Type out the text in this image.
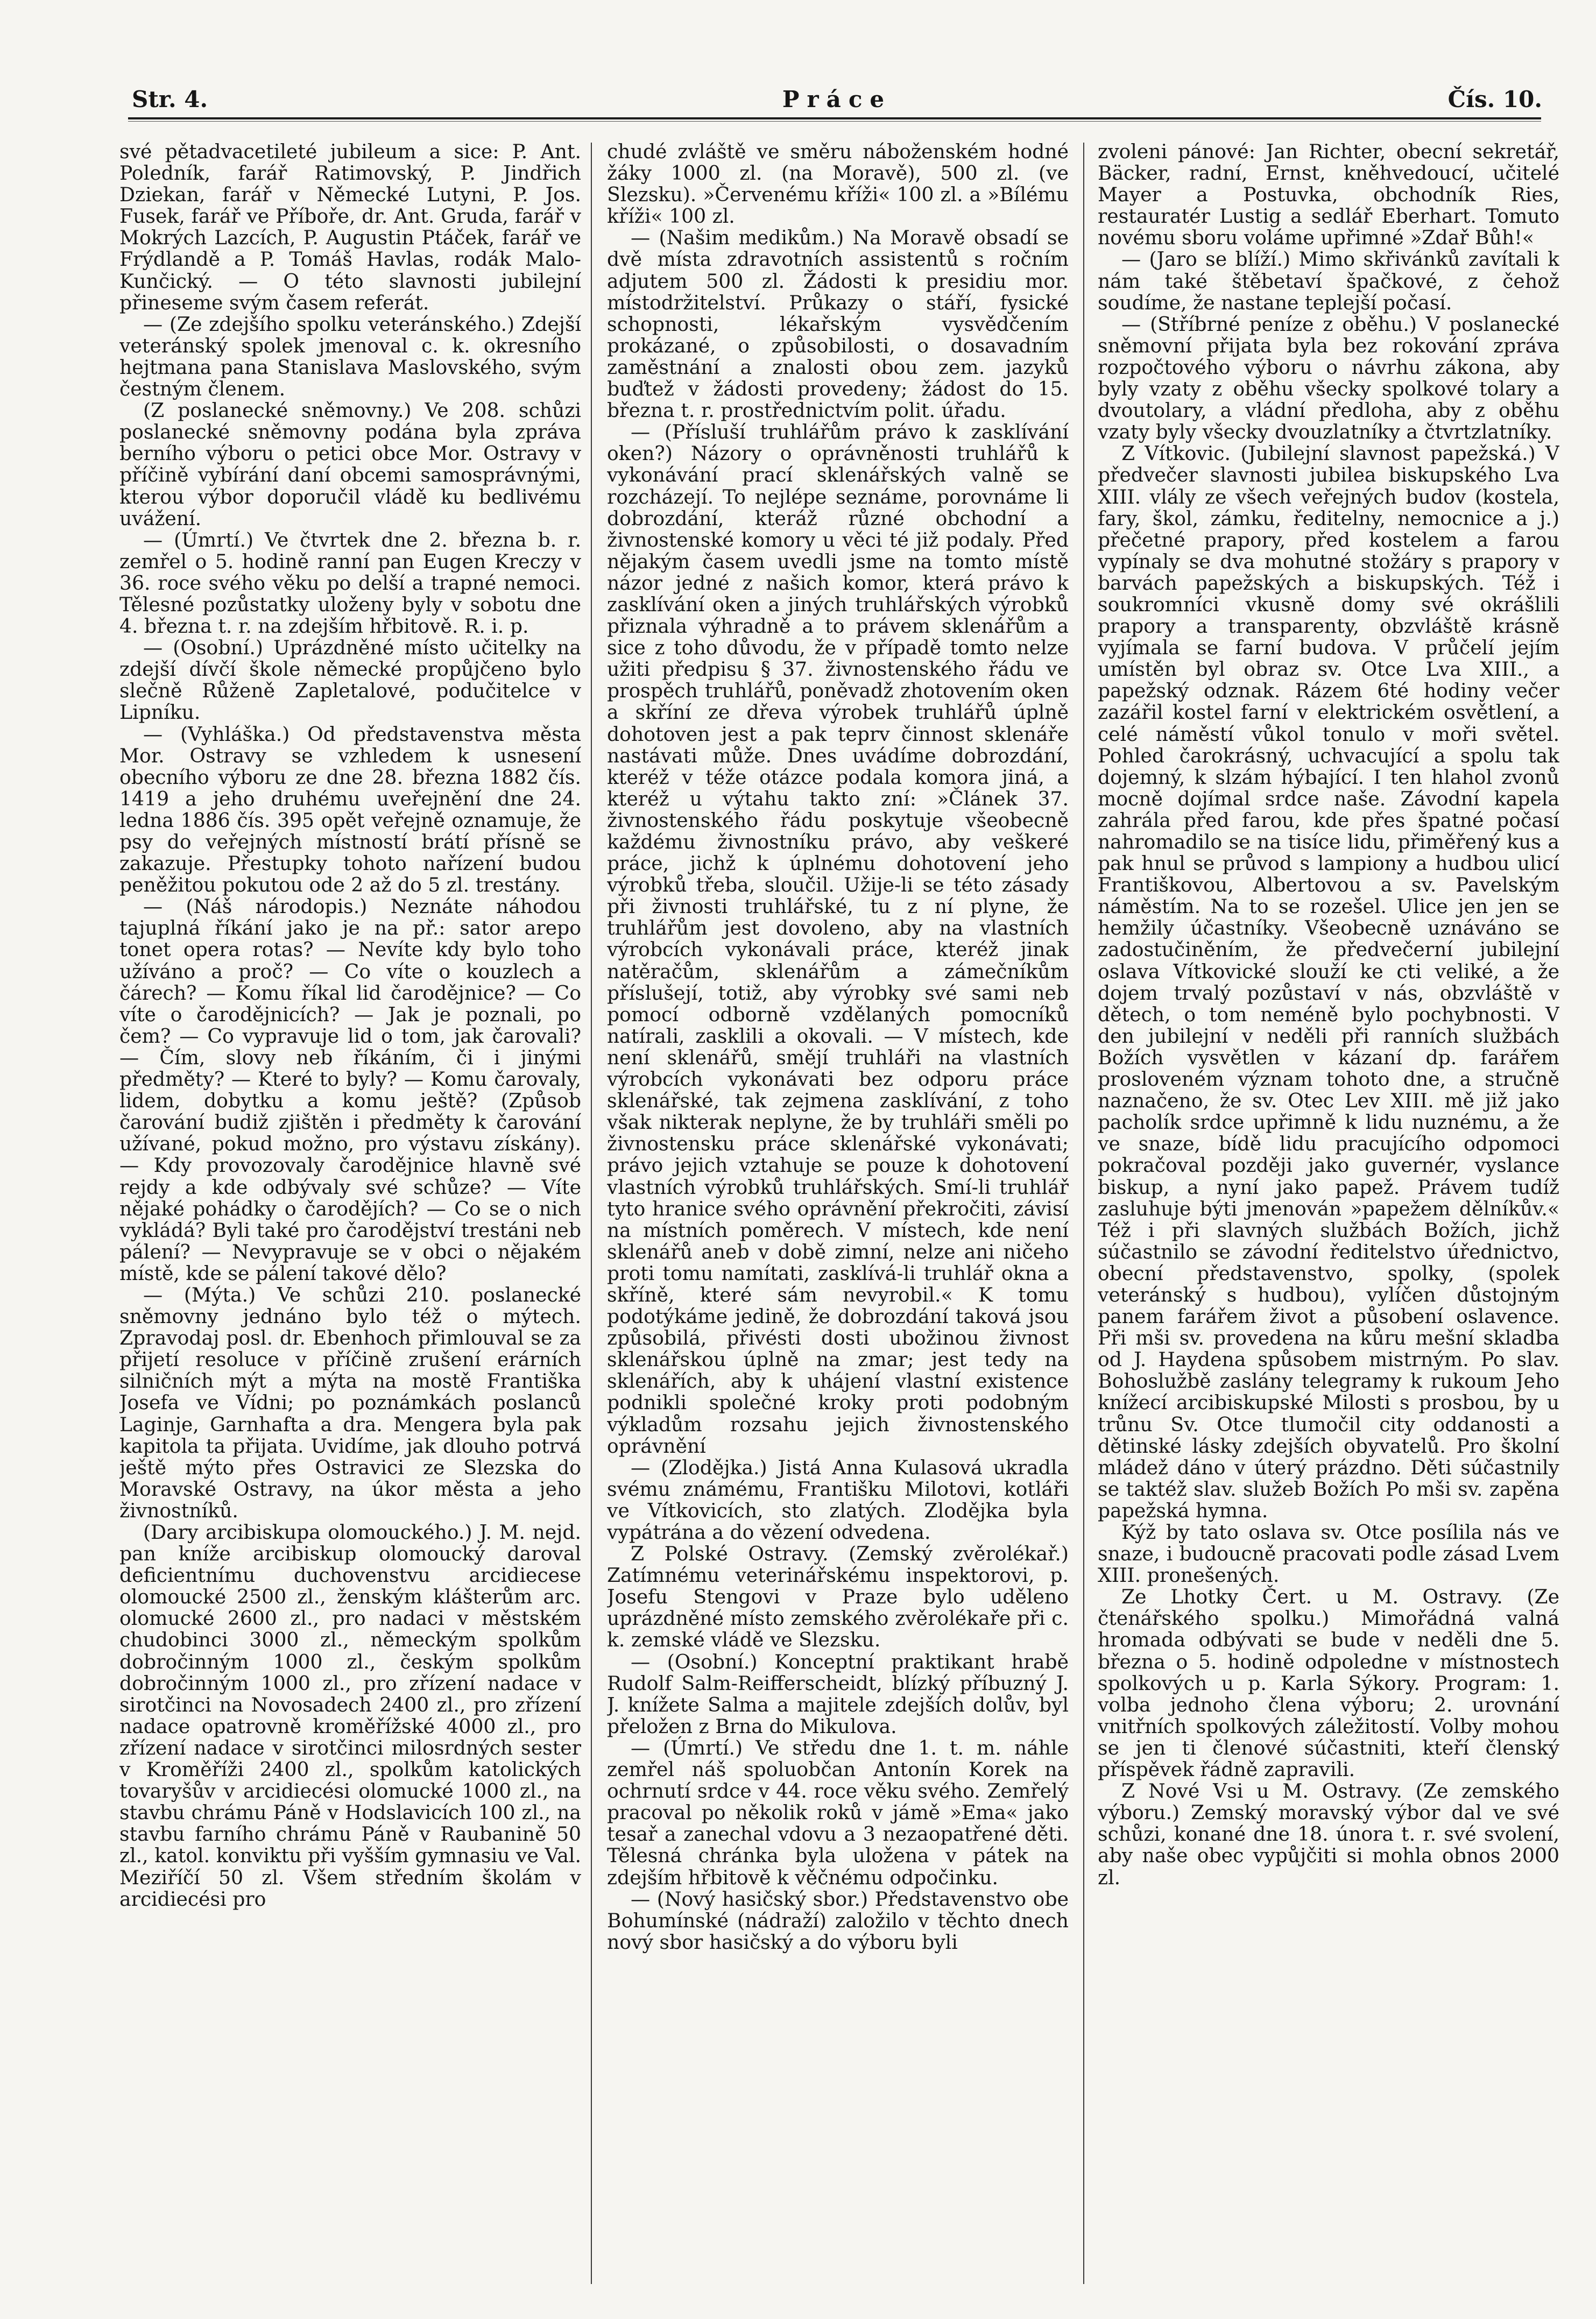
Str. 4.	Práce	Čís. 10.

své pětadvacetileté jubileum a sice: P. Ant. Poledník, farář Ratimovský, P. Jindřich Dziekan, farář v Německé Lutyni, P. Jos. Fusek, farář ve Příboře, dr. Ant. Gruda, farář v Mokrých Lazcích, P. Augustin Ptáček, farář ve Frýdlandě a P. Tomáš Havlas, rodák Malo-Kunčický. — O této slavnosti jubilejní přineseme svým časem referát.

— (Ze zdejšího spolku veteránského.) Zdejší veteránský spolek jmenoval c. k. okresního hejtmana pana Stanislava Maslovského, svým čestným členem.

(Z poslanecké sněmovny.) Ve 208. schůzi poslanecké sněmovny podána byla zpráva berního výboru o petici obce Mor. Ostravy v příčině vybírání daní obcemi samosprávnými, kterou výbor doporučil vládě ku bedlivému uvážení.

— (Úmrtí.) Ve čtvrtek dne 2. března b. r. zemřel o 5. hodině ranní pan Eugen Kreczy v 36. roce svého věku po delší a trapné nemoci. Tělesné pozůstatky uloženy byly v sobotu dne 4. března t. r. na zdejším hřbitově. R. i. p.

— (Osobní.) Uprázdněné místo učitelky na zdejší dívčí škole německé propůjčeno bylo slečně Růženě Zapletalové, podučitelce v Lipníku.

— (Vyhláška.) Od představenstva města Mor. Ostravy se vzhledem k usnesení obecního výboru ze dne 28. března 1882 čís. 1419 a jeho druhému uveřejnění dne 24. ledna 1886 čís. 395 opět veřejně oznamuje, že psy do veřejných místností brátí přísně se zakazuje. Přestupky tohoto nařízení budou peněžitou pokutou ode 2 až do 5 zl. trestány.

— (Náš národopis.) Neznáte náhodou tajuplná říkání jako je na př.: sator arepo tonet opera rotas? — Nevíte kdy bylo toho užíváno a proč? — Co víte o kouzlech a čárech? — Komu říkal lid čarodějnice? — Co víte o čarodějnicích? — Jak je poznali, po čem? — Co vypravuje lid o tom, jak čarovali? — Čím, slovy neb říkáním, či i jinými předměty? — Které to byly? — Komu čarovaly, lidem, dobytku a komu ještě? (Způsob čarování budiž zjištěn i předměty k čarování užívané, pokud možno, pro výstavu získány). — Kdy provozovaly čarodějnice hlavně své rejdy a kde odbývaly své schůze? — Víte nějaké pohádky o čarodějích? — Co se o nich vykládá? Byli také pro čarodějství trestáni neb pálení? — Nevypravuje se v obci o nějakém místě, kde se pálení takové dělo?

— (Mýta.) Ve schůzi 210. poslanecké sněmovny jednáno bylo též o mýtech. Zpravodaj posl. dr. Ebenhoch přimlouval se za přijetí resoluce v příčině zrušení erárních silničních mýt a mýta na mostě Františka Josefa ve Vídni; po poznámkách poslanců Laginje, Garnhafta a dra. Mengera byla pak kapitola ta přijata. Uvidíme, jak dlouho potrvá ještě mýto přes Ostravici ze Slezska do Moravské Ostravy, na úkor města a jeho živnostníků.

(Dary arcibiskupa olomouckého.) J. M. nejd. pan kníže arcibiskup olomoucký daroval deficientnímu duchovenstvu arcidiecese olomoucké 2500 zl., ženským klášterům arc. olomucké 2600 zl., pro nadaci v městském chudobinci 3000 zl., německým spolkům dobročinným 1000 zl., českým spolkům dobročinným 1000 zl., pro zřízení nadace v sirotčinci na Novosadech 2400 zl., pro zřízení nadace opatrovně kroměřížské 4000 zl., pro zřízení nadace v sirotčinci milosrdných sester v Kroměříži 2400 zl., spolkům katolických tovaryšův v arcidiecési olomucké 1000 zl., na stavbu chrámu Páně v Hodslavicích 100 zl., na stavbu farního chrámu Páně v Raubanině 50 zl., katol. konviktu při vyšším gymnasiu ve Val. Meziříčí 50 zl. Všem středním školám v arcidiecési pro

chudé zvláště ve směru náboženském hodné žáky 1000 zl. (na Moravě), 500 zl. (ve Slezsku). »Červenému kříži« 100 zl. a »Bílému kříži« 100 zl.

— (Našim medikům.) Na Moravě obsadí se dvě místa zdravotních assistentů s ročním adjutem 500 zl. Žádosti k presidiu mor. místodržitelství. Průkazy o stáří, fysické schopnosti, lékařským vysvědčením prokázané, o způsobilosti, o dosavadním zaměstnání a znalosti obou zem. jazyků buďtež v žádosti provedeny; žádost do 15. března t. r. prostřednictvím polit. úřadu.

— (Přísluší truhlářům právo k zasklívání oken?) Názory o oprávněnosti truhlářů k vykonávání prací sklenářských valně se rozcházejí. To nejlépe seznáme, porovnáme li dobrozdání, kteráž různé obchodní a živnostenské komory u věci té již podaly. Před nějakým časem uvedli jsme na tomto místě názor jedné z našich komor, která právo k zasklívání oken a jiných truhlářských výrobků přiznala výhradně a to právem sklenářům a sice z toho důvodu, že v případě tomto nelze užiti předpisu § 37. živnostenského řádu ve prospěch truhlářů, poněvadž zhotovením oken a skříní ze dřeva výrobek truhlářů úplně dohotoven jest a pak teprv činnost sklenáře nastávati může. Dnes uvádíme dobrozdání, kteréž v téže otázce podala komora jiná, a kteréž u výtahu takto zní: »Článek 37. živnostenského řádu poskytuje všeobecně každému živnostníku právo, aby veškeré práce, jichž k úplnému dohotovení jeho výrobků třeba, sloučil. Užije-li se této zásady při živnosti truhlářské, tu z ní plyne, že truhlářům jest dovoleno, aby na vlastních výrobcích vykonávali práce, kteréž jinak natěračům, sklenářům a zámečníkům příslušejí, totiž, aby výrobky své sami neb pomocí odborně vzdělaných pomocníků natírali, zasklili a okovali. — V místech, kde není sklenářů, smějí truhláři na vlastních výrobcích vykonávati bez odporu práce sklenářské, tak zejmena zasklívání, z toho však nikterak neplyne, že by truhláři směli po živnostensku práce sklenářské vykonávati; právo jejich vztahuje se pouze k dohotovení vlastních výrobků truhlářských. Smí-li truhlář tyto hranice svého oprávnění překročiti, závisí na místních poměrech. V místech, kde není sklenářů aneb v době zimní, nelze ani ničeho proti tomu namítati, zasklívá-li truhlář okna a skříně, které sám nevyrobil.« K tomu podotýkáme jedině, že dobrozdání taková jsou způsobilá, přivésti dosti ubožinou živnost sklenářskou úplně na zmar; jest tedy na sklenářích, aby k uhájení vlastní existence podnikli společné kroky proti podobným výkladům rozsahu jejich živnostenského oprávnění

— (Zlodějka.) Jistá Anna Kulasová ukradla svému známému, Františku Milotovi, kotláři ve Vítkovicích, sto zlatých. Zlodějka byla vypátrána a do vězení odvedena.

Z Polské Ostravy. (Zemský zvěrolékař.) Zatímnému veterinářskému inspektorovi, p. Josefu Stengovi v Praze bylo uděleno uprázdněné místo zemského zvěrolékaře při c. k. zemské vládě ve Slezsku.

— (Osobní.) Konceptní praktikant hrabě Rudolf Salm-Reifferscheidt, blízký příbuzný J. J. knížete Salma a majitele zdejších dolův, byl přeložen z Brna do Mikulova.

— (Úmrtí.) Ve středu dne 1. t. m. náhle zemřel náš spoluobčan Antonín Korek na ochrnutí srdce v 44. roce věku svého. Zemřelý pracoval po několik roků v jámě »Ema« jako tesař a zanechal vdovu a 3 nezaopatřené děti. Tělesná chránka byla uložena v pátek na zdejším hřbitově k věčnému odpočinku.

— (Nový hasičský sbor.) Představenstvo obe Bohumínské (nádraží) založilo v těchto dnech nový sbor hasičský a do výboru byli

zvoleni pánové: Jan Richter, obecní sekretář, Bäcker, radní, Ernst, kněhvedoucí, učitelé Mayer a Postuvka, obchodník Ries, restauratér Lustig a sedlář Eberhart. Tomuto novému sboru voláme upřimné »Zdař Bůh!«

— (Jaro se blíží.) Mimo skřivánků zavítali k nám také štěbetaví špačkové, z čehož soudíme, že nastane teplejší počasí.

— (Stříbrné peníze z oběhu.) V poslanecké sněmovní přijata byla bez rokování zpráva rozpočtového výboru o návrhu zákona, aby byly vzaty z oběhu všecky spolkové tolary a dvoutolary, a vládní předloha, aby z oběhu vzaty byly všecky dvouzlatníky a čtvrtzlatníky.

Z Vítkovic. (Jubilejní slavnost papežská.) V předvečer slavnosti jubilea biskupského Lva XIII. vlály ze všech veřejných budov (kostela, fary, škol, zámku, ředitelny, nemocnice a j.) přečetné prapory, před kostelem a farou vypínaly se dva mohutné stožáry s prapory v barvách papežských a biskupských. Též i soukromníci vkusně domy své okrášlili prapory a transparenty, obzvláště krásně vyjímala se farní budova. V průčelí jejím umístěn byl obraz sv. Otce Lva XIII., a papežský odznak. Rázem 6té hodiny večer zazářil kostel farní v elektrickém osvětlení, a celé náměstí vůkol tonulo v moři světel. Pohled čarokrásný, uchvacující a spolu tak dojemný, k slzám hýbající. I ten hlahol zvonů mocně dojímal srdce naše. Závodní kapela zahrála před farou, kde přes špatné počasí nahromadilo se na tisíce lidu, přiměřený kus a pak hnul se průvod s lampiony a hudbou ulicí Františkovou, Albertovou a sv. Pavelským náměstím. Na to se rozešel. Ulice jen jen se hemžily účastníky. Všeobecně uznáváno se zadostučiněním, že předvečerní jubilejní oslava Vítkovické slouží ke cti veliké, a že dojem trvalý pozůstaví v nás, obzvláště v dětech, o tom neméně bylo pochybnosti. V den jubilejní v neděli při ranních službách Božích vysvětlen v kázaní dp. farářem prosloveném význam tohoto dne, a stručně naznačeno, že sv. Otec Lev XIII. mě již jako pacholík srdce upřimně k lidu nuznému, a že ve snaze, bídě lidu pracujícího odpomoci pokračoval později jako guvernér, vyslance biskup, a nyní jako papež. Právem tudíž zasluhuje býti jmenován »papežem dělníkův.« Též i při slavných službách Božích, jichž súčastnilo se závodní ředitelstvo úřednictvo, obecní představenstvo, spolky, (spolek veteránský s hudbou), vylíčen důstojným panem farářem život a působení oslavence. Při mši sv. provedena na kůru mešní skladba od J. Haydena spůsobem mistrným. Po slav. Bohoslužbě zaslány telegramy k rukoum Jeho knížecí arcibiskupské Milosti s prosbou, by u trůnu Sv. Otce tlumočil city oddanosti a dětinské lásky zdejších obyvatelů. Pro školní mládež dáno v úterý prázdno. Děti súčastnily se taktéž slav. služeb Božích Po mši sv. zapěna papežská hymna.

Kýž by tato oslava sv. Otce posílila nás ve snaze, i budoucně pracovati podle zásad Lvem XIII. pronešených.

Ze Lhotky Čert. u M. Ostravy. (Ze čtenářského spolku.) Mimořádná valná hromada odbývati se bude v neděli dne 5. března o 5. hodině odpoledne v místnostech spolkových u p. Karla Sýkory. Program: 1. volba jednoho člena výboru; 2. urovnání vnitřních spolkových záležitostí. Volby mohou se jen ti členové súčastniti, kteří členský příspěvek řádně zapravili.

Z Nové Vsi u M. Ostravy. (Ze zemského výboru.) Zemský moravský výbor dal ve své schůzi, konané dne 18. února t. r. své svolení, aby naše obec vypůjčiti si mohla obnos 2000 zl.
